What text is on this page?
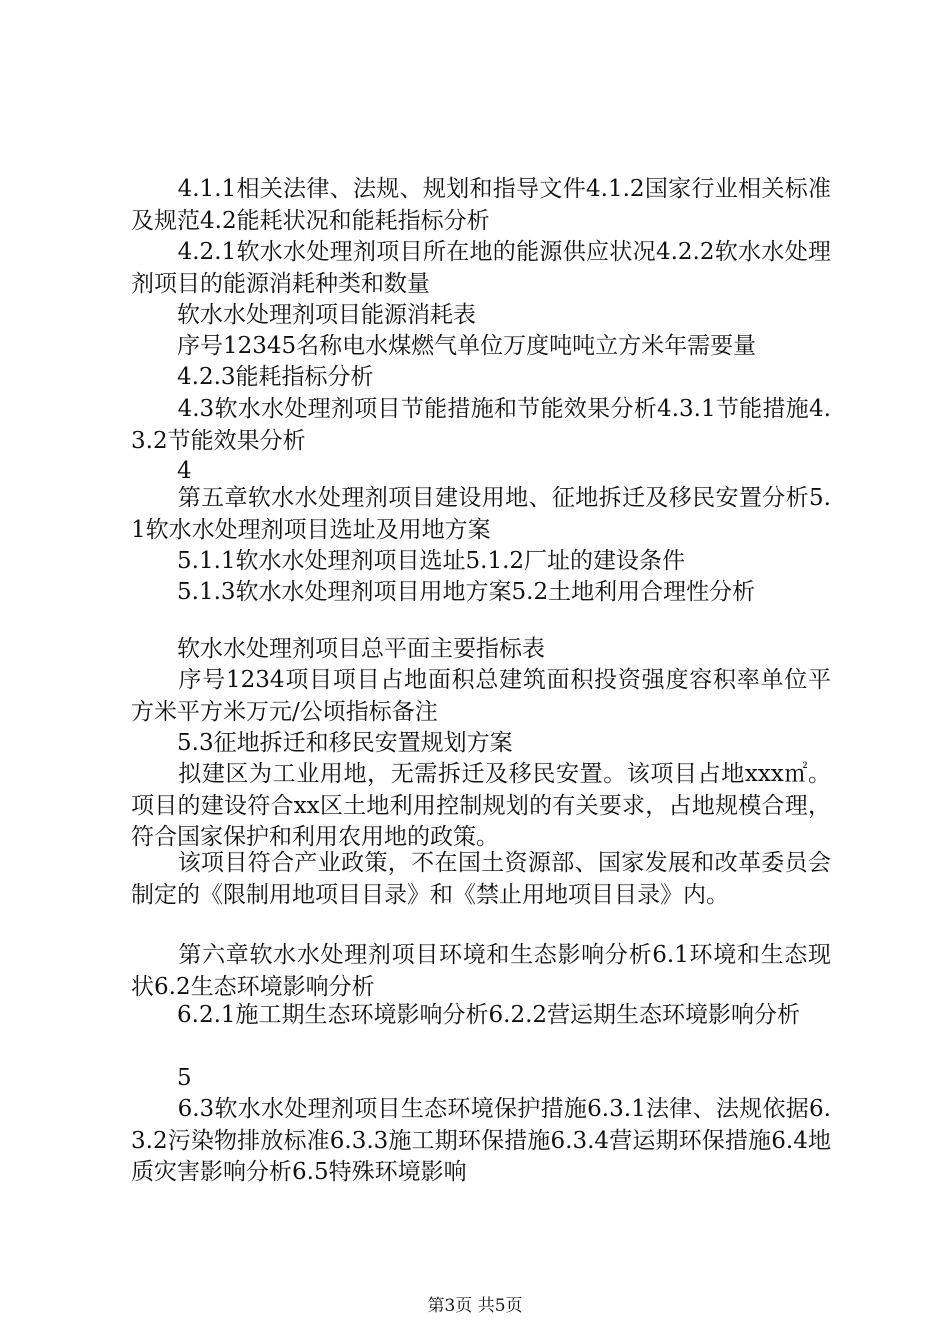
　　4.1.1相关法律、法规、规划和指导文件4.1.2国家行业相关标准及规范4.2能耗状况和能耗指标分析
　　4.2.1软水水处理剂项目所在地的能源供应状况4.2.2软水水处理剂项目的能源消耗种类和数量
　　软水水处理剂项目能源消耗表
　　序号12345名称电水煤燃气单位万度吨吨立方米年需要量
　　4.2.3能耗指标分析
　　4.3软水水处理剂项目节能措施和节能效果分析4.3.1节能措施4.3.2节能效果分析
　　4
　　第五章软水水处理剂项目建设用地、征地拆迁及移民安置分析5.1软水水处理剂项目选址及用地方案
　　5.1.1软水水处理剂项目选址5.1.2厂址的建设条件
　　5.1.3软水水处理剂项目用地方案5.2土地利用合理性分析
　　软水水处理剂项目总平面主要指标表
　　序号1234项目项目占地面积总建筑面积投资强度容积率单位平方米平方米万元/公顷指标备注
　　5.3征地拆迁和移民安置规划方案
　　拟建区为工业用地，无需拆迁及移民安置。该项目占地xxx㎡。项目的建设符合xx区土地利用控制规划的有关要求，占地规模合理，符合国家保护和利用农用地的政策。
　　该项目符合产业政策，不在国土资源部、国家发展和改革委员会制定的《限制用地项目目录》和《禁止用地项目目录》内。
　　第六章软水水处理剂项目环境和生态影响分析6.1环境和生态现状6.2生态环境影响分析
　　6.2.1施工期生态环境影响分析6.2.2营运期生态环境影响分析
　　5
　　6.3软水水处理剂项目生态环境保护措施6.3.1法律、法规依据6.3.2污染物排放标准6.3.3施工期环保措施6.3.4营运期环保措施6.4地质灾害影响分析6.5特殊环境影响
第3页 共5页
